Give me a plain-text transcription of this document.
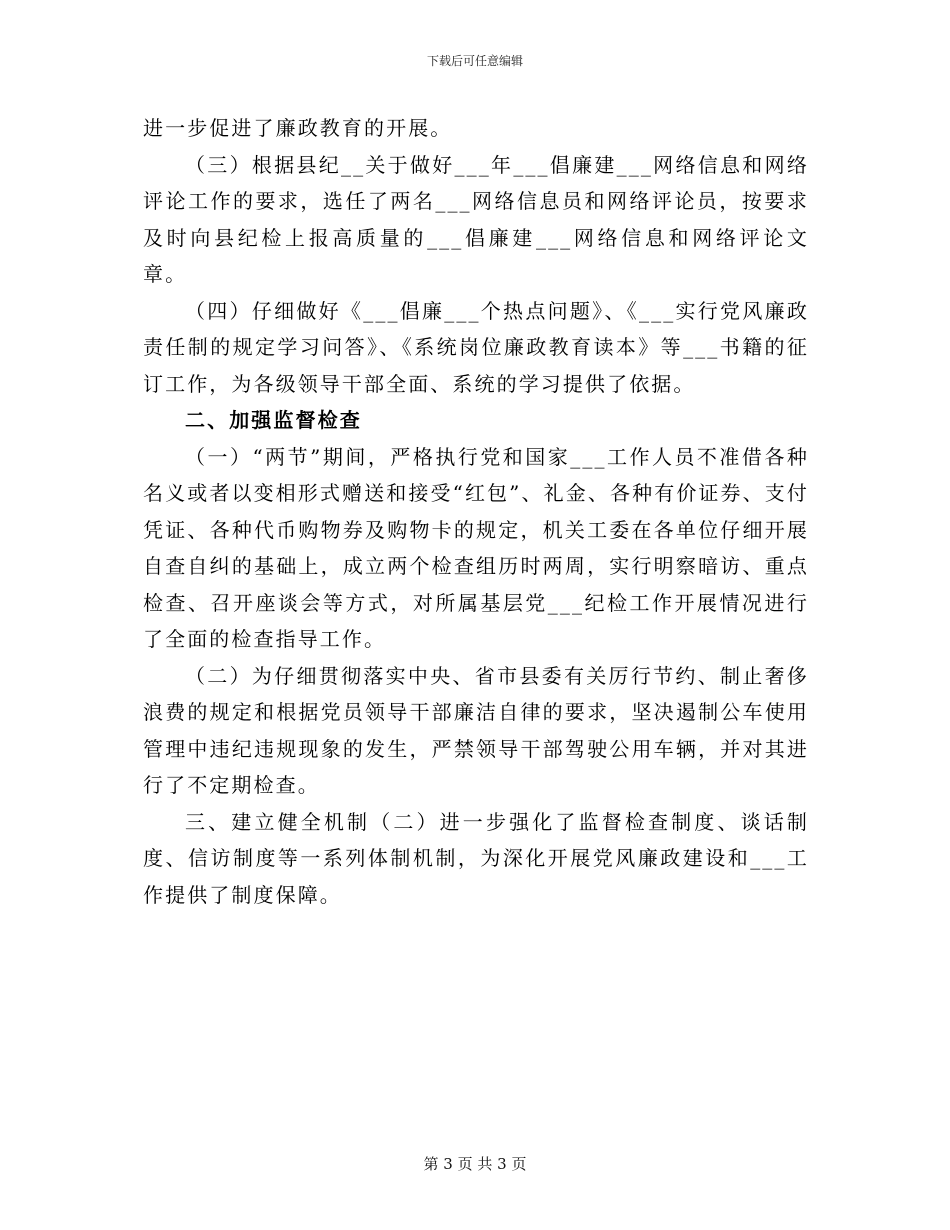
下载后可任意编辑

进一步促进了廉政教育的开展。

（三）根据县纪__关于做好___年___倡廉建___网络信息和网络评论工作的要求，选任了两名___网络信息员和网络评论员，按要求及时向县纪检上报高质量的___倡廉建___网络信息和网络评论文章。

（四）仔细做好《___倡廉___个热点问题》、《___实行党风廉政责任制的规定学习问答》、《系统岗位廉政教育读本》等___书籍的征订工作，为各级领导干部全面、系统的学习提供了依据。

二、加强监督检查

（一）“两节”期间，严格执行党和国家___工作人员不准借各种名义或者以变相形式赠送和接受“红包”、礼金、各种有价证券、支付凭证、各种代币购物券及购物卡的规定，机关工委在各单位仔细开展自查自纠的基础上，成立两个检查组历时两周，实行明察暗访、重点检查、召开座谈会等方式，对所属基层党___纪检工作开展情况进行了全面的检查指导工作。

（二）为仔细贯彻落实中央、省市县委有关厉行节约、制止奢侈浪费的规定和根据党员领导干部廉洁自律的要求，坚决遏制公车使用管理中违纪违规现象的发生，严禁领导干部驾驶公用车辆，并对其进行了不定期检查。

三、建立健全机制（二）进一步强化了监督检查制度、谈话制度、信访制度等一系列体制机制，为深化开展党风廉政建设和___工作提供了制度保障。

第 3 页 共 3 页
